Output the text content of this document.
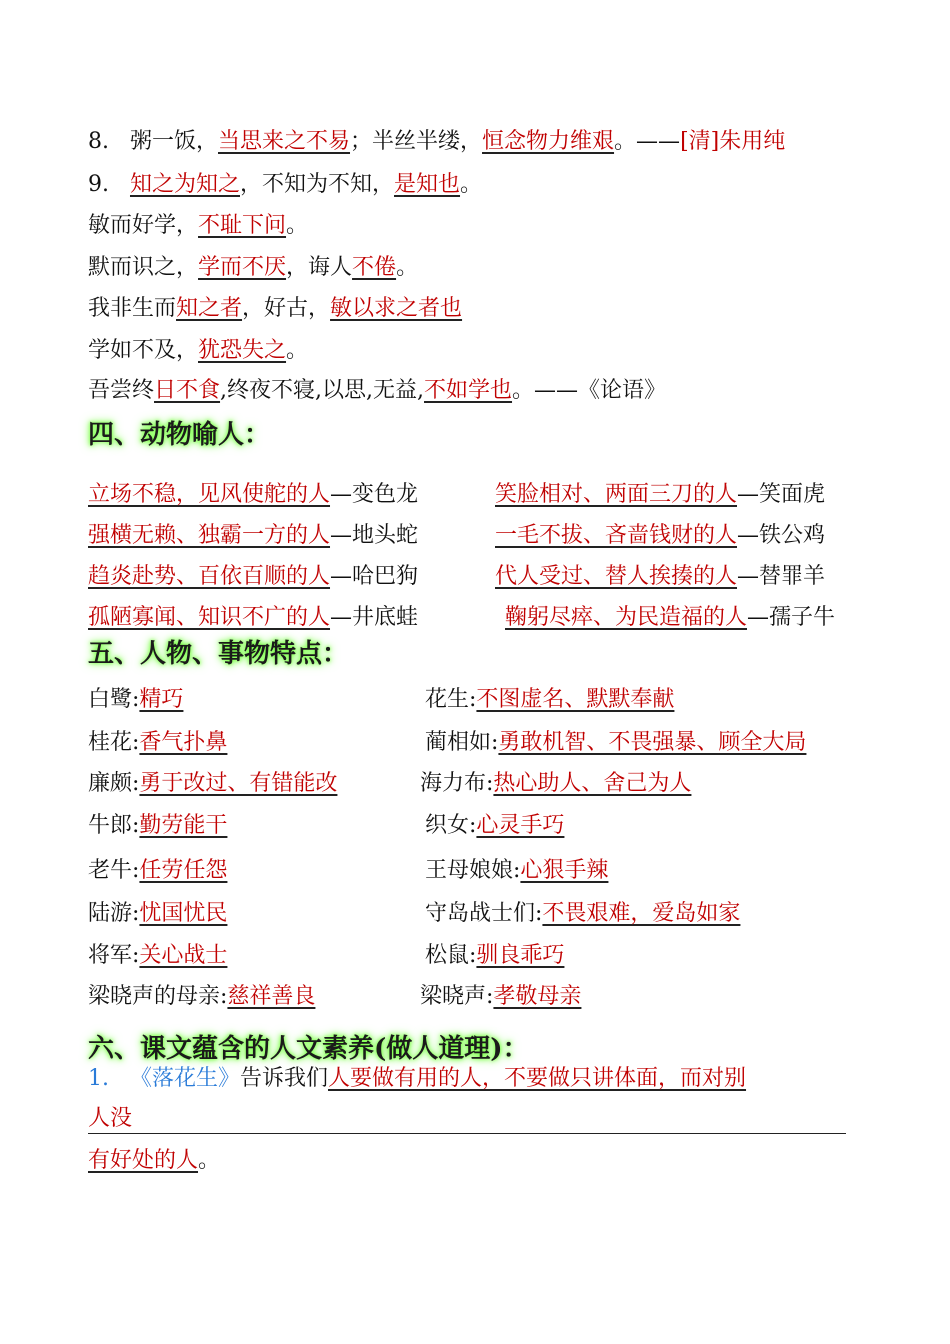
8. 粥一饭，当思来之不易；半丝半缕，恒念物力维艰。——[清]朱用纯
9. 知之为知之，不知为不知，是知也。
敏而好学，不耻下问。
默而识之，学而不厌，诲人不倦。
我非生而知之者，好古，敏以求之者也
学如不及，犹恐失之。
吾尝终日不食,终夜不寝,以思,无益,不如学也。——《论语》
四、动物喻人：
立场不稳，见风使舵的人—变色龙	笑脸相对、两面三刀的人—笑面虎
强横无赖、独霸一方的人—地头蛇	一毛不拔、吝啬钱财的人—铁公鸡
趋炎赴势、百依百顺的人—哈巴狗	代人受过、替人挨揍的人—替罪羊
孤陋寡闻、知识不广的人—井底蛙	鞠躬尽瘁、为民造福的人—孺子牛
五、人物、事物特点：
白鹭:精巧	花生:不图虚名、默默奉献
桂花:香气扑鼻	蔺相如:勇敢机智、不畏强暴、顾全大局
廉颇:勇于改过、有错能改	海力布:热心助人、舍己为人
牛郎:勤劳能干	织女:心灵手巧
老牛:任劳任怨	王母娘娘:心狠手辣
陆游:忧国忧民	守岛战士们:不畏艰难，爱岛如家
将军:关心战士	松鼠:驯良乖巧
梁晓声的母亲:慈祥善良	梁晓声:孝敬母亲
六、课文蕴含的人文素养(做人道理)：
1. 《落花生》告诉我们人要做有用的人，不要做只讲体面，而对别
人没
有好处的人。
